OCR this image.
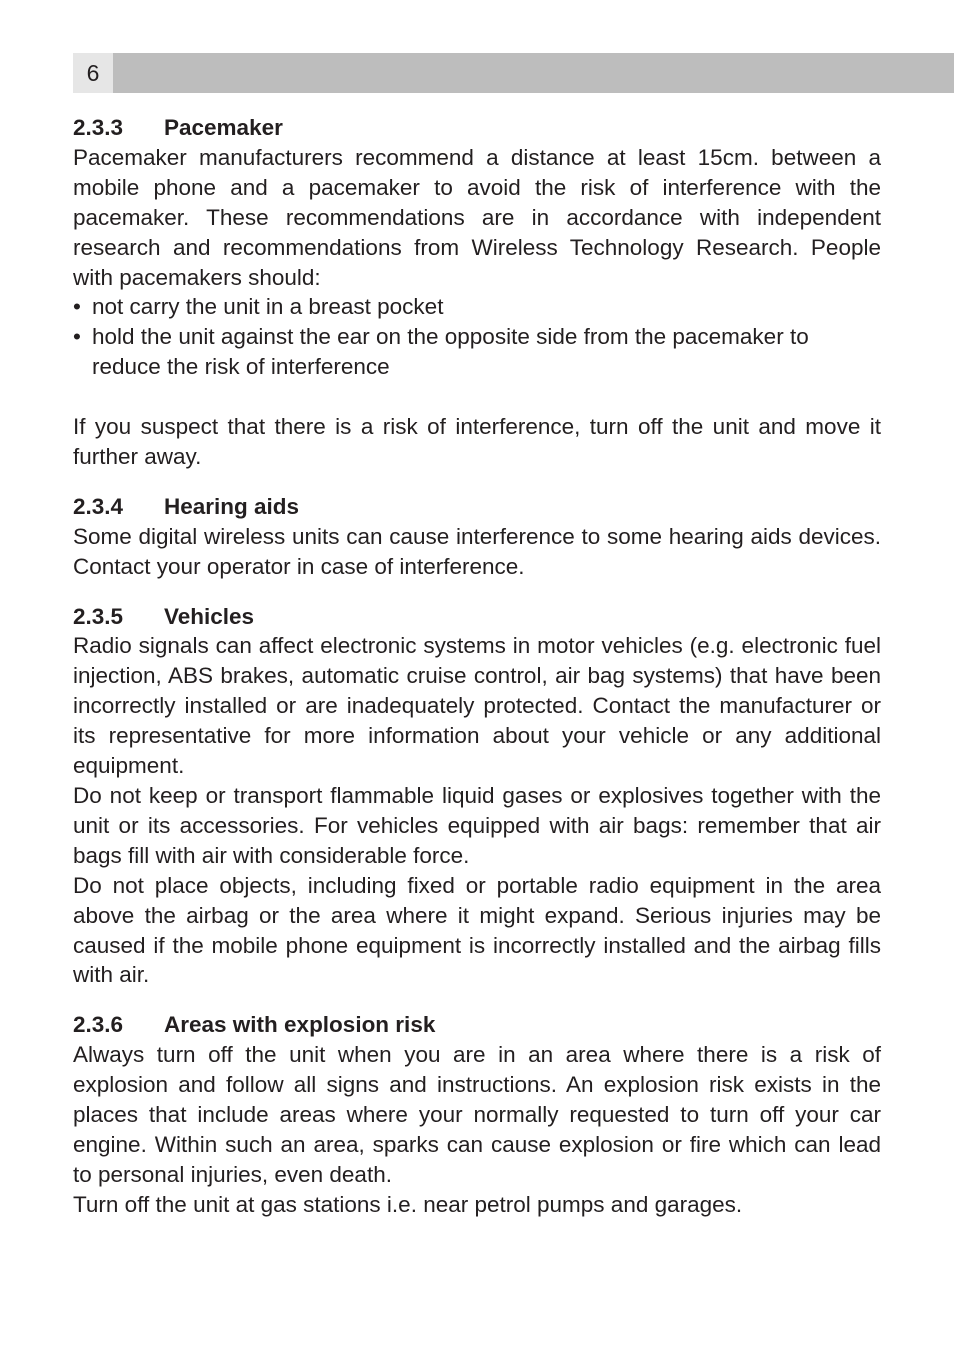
6
2.3.3	Pacemaker

Pacemaker manufacturers recommend a distance at least 15cm. between a mobile phone and a pacemaker to avoid the risk of interference with the pacemaker. These recommendations are in accordance with independent research and recommendations from Wireless Technology Research. People with pacemakers should:

• not carry the unit in a breast pocket
• hold the unit against the ear on the opposite side from the pacemaker to reduce the risk of interference

If you suspect that there is a risk of interference, turn off the unit and move it further away.

2.3.4	Hearing aids

Some digital wireless units can cause interference to some hearing aids devices. Contact your operator in case of interference.

2.3.5	Vehicles

Radio signals can affect electronic systems in motor vehicles (e.g. electronic fuel injection, ABS brakes, automatic cruise control, air bag systems) that have been incorrectly installed or are inadequately protected. Contact the manufacturer or its representative for more information about your vehicle or any additional equipment.

Do not keep or transport flammable liquid gases or explosives together with the unit or its accessories. For vehicles equipped with air bags: remember that air bags fill with air with considerable force.

Do not place objects, including fixed or portable radio equipment in the area above the airbag or the area where it might expand. Serious injuries may be caused if the mobile phone equipment is incorrectly installed and the airbag fills with air.

2.3.6	Areas with explosion risk

Always turn off the unit when you are in an area where there is a risk of explosion and follow all signs and instructions. An explosion risk exists in the places that include areas where your normally requested to turn off your car engine. Within such an area, sparks can cause explosion or fire which can lead to personal injuries, even death.

Turn off the unit at gas stations i.e. near petrol pumps and garages.
